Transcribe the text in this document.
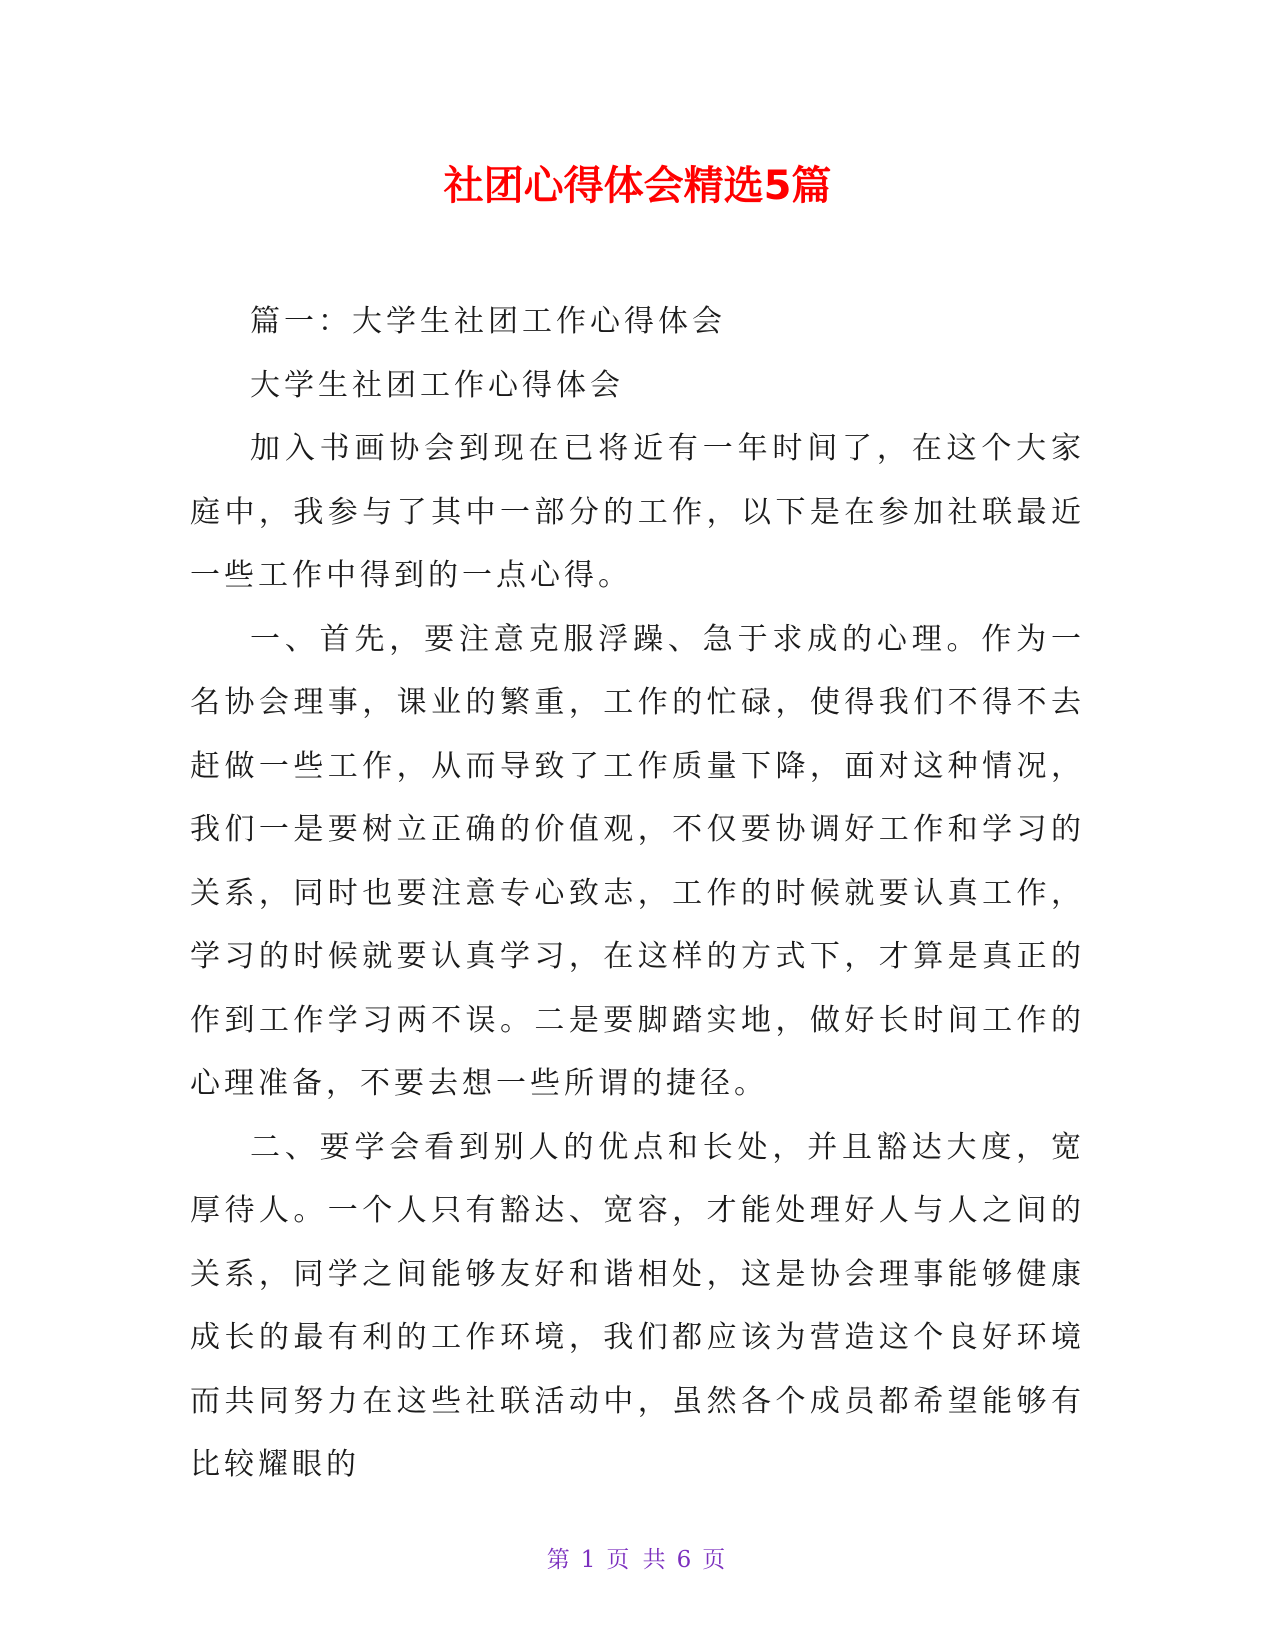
社团心得体会精选5篇

篇一：大学生社团工作心得体会

大学生社团工作心得体会

加入书画协会到现在已将近有一年时间了，在这个大家庭中，我参与了其中一部分的工作，以下是在参加社联最近一些工作中得到的一点心得。

一、首先，要注意克服浮躁、急于求成的心理。作为一名协会理事，课业的繁重，工作的忙碌，使得我们不得不去赶做一些工作，从而导致了工作质量下降，面对这种情况，我们一是要树立正确的价值观，不仅要协调好工作和学习的关系，同时也要注意专心致志，工作的时候就要认真工作，学习的时候就要认真学习，在这样的方式下，才算是真正的作到工作学习两不误。二是要脚踏实地，做好长时间工作的心理准备，不要去想一些所谓的捷径。

二、要学会看到别人的优点和长处，并且豁达大度，宽厚待人。一个人只有豁达、宽容，才能处理好人与人之间的关系，同学之间能够友好和谐相处，这是协会理事能够健康成长的最有利的工作环境，我们都应该为营造这个良好环境而共同努力在这些社联活动中，虽然各个成员都希望能够有比较耀眼的

第 1 页 共 6 页
